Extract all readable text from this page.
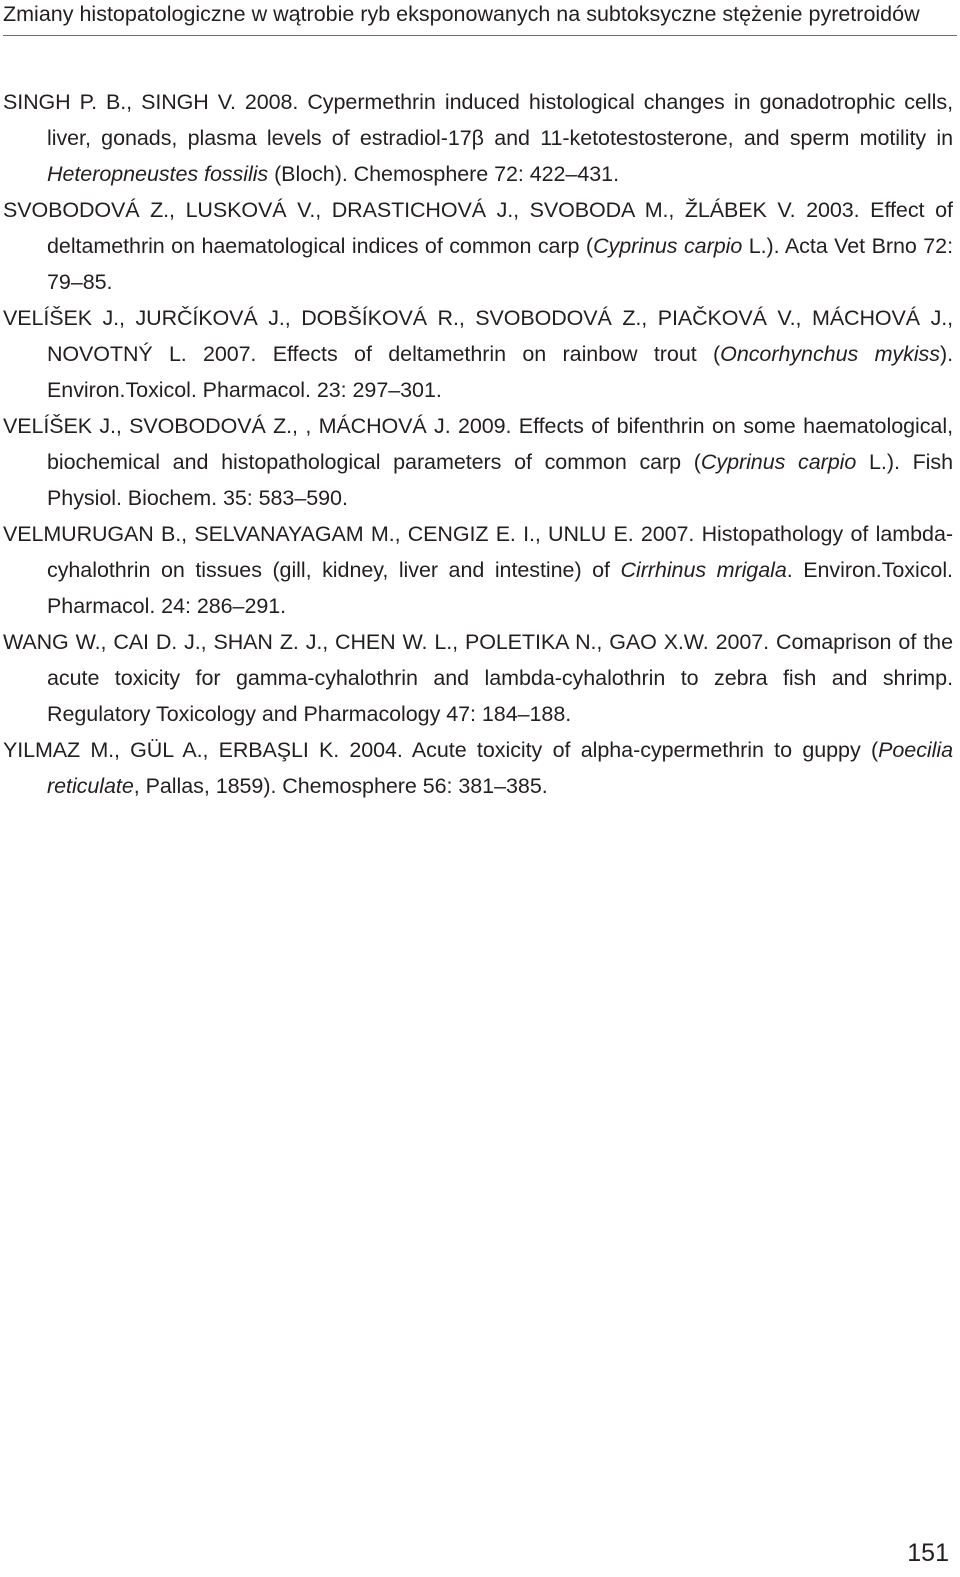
Zmiany histopatologiczne w wątrobie ryb eksponowanych na subtoksyczne stężenie pyretroidów
SINGH P. B., SINGH V. 2008. Cypermethrin induced histological changes in gonadotrophic cells, liver, gonads, plasma levels of estradiol-17β and 11-ketotestosterone, and sperm motility in Heteropneustes fossilis (Bloch). Chemosphere 72: 422–431.
SVOBODOVÁ Z., LUSKOVÁ V., DRASTICHOVÁ J., SVOBODA M., ŽLÁBEK V. 2003. Effect of deltamethrin on haematological indices of common carp (Cyprinus carpio L.). Acta Vet Brno 72: 79–85.
VELÍŠEK J., JURČÍKOVÁ J., DOBŠÍKOVÁ R., SVOBODOVÁ Z., PIAČKOVÁ V., MÁCHOVÁ J., NOVOTNÝ L. 2007. Effects of deltamethrin on rainbow trout (Oncorhynchus mykiss). Environ.Toxicol. Pharmacol. 23: 297–301.
VELÍŠEK J., SVOBODOVÁ Z., , MÁCHOVÁ J. 2009. Effects of bifenthrin on some haematological, biochemical and histopathological parameters of common carp (Cyprinus carpio L.). Fish Physiol. Biochem. 35: 583–590.
VELMURUGAN B., SELVANAYAGAM M., CENGIZ E. I., UNLU E. 2007. Histopathology of lambda-cyhalothrin on tissues (gill, kidney, liver and intestine) of Cirrhinus mrigala. Environ.Toxicol. Pharmacol. 24: 286–291.
WANG W., CAI D. J., SHAN Z. J., CHEN W. L., POLETIKA N., GAO X.W. 2007. Comaprison of the acute toxicity for gamma-cyhalothrin and lambda-cyhalothrin to zebra fish and shrimp. Regulatory Toxicology and Pharmacology 47: 184–188.
YILMAZ M., GÜL A., ERBAŞLI K. 2004. Acute toxicity of alpha-cypermethrin to guppy (Poecilia reticulate, Pallas, 1859). Chemosphere 56: 381–385.
151
